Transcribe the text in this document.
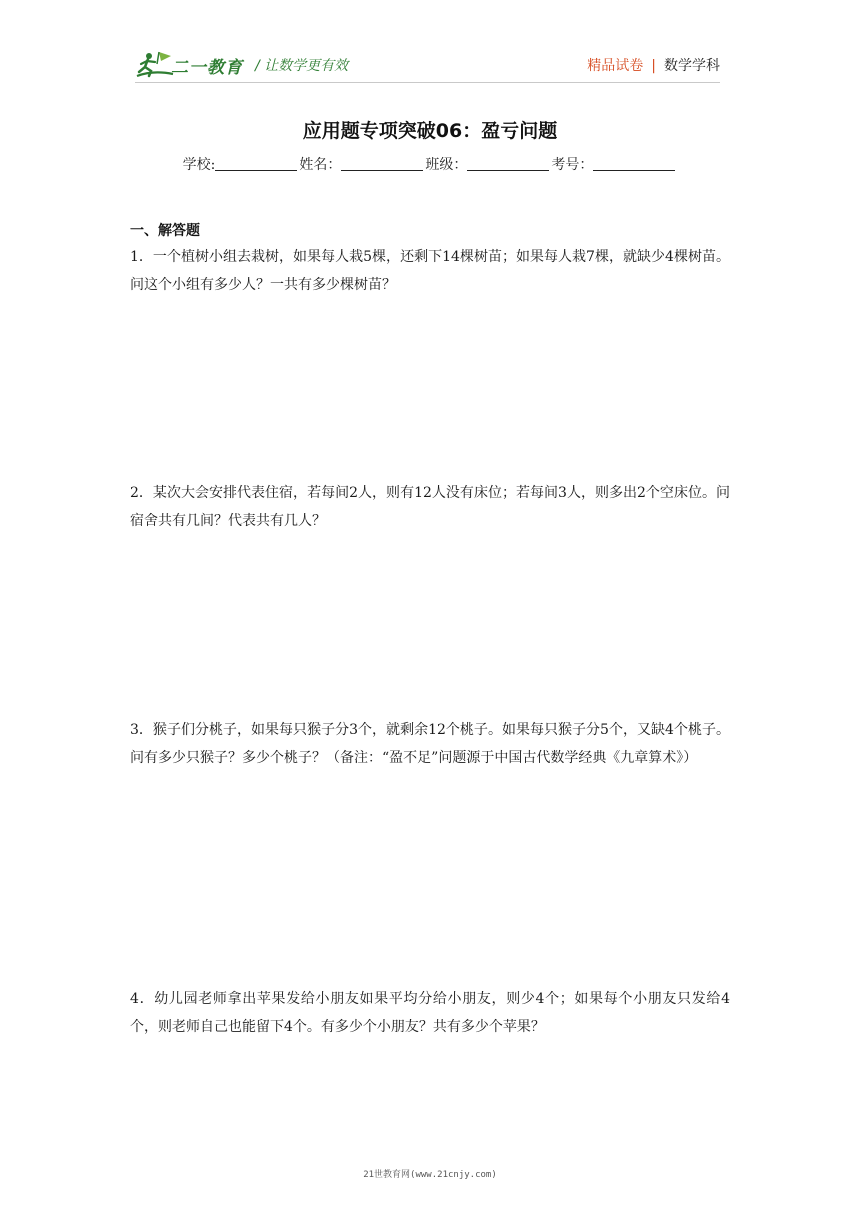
二一教育 / 让数学更有效	精品试卷 | 数学学科
应用题专项突破06：盈亏问题
学校:	姓名：	班级：	考号：
一、解答题
1．一个植树小组去栽树，如果每人栽5棵，还剩下14棵树苗；如果每人栽7棵，就缺少4棵树苗。问这个小组有多少人？一共有多少棵树苗？
2．某次大会安排代表住宿，若每间2人，则有12人没有床位；若每间3人，则多出2个空床位。问宿舍共有几间？代表共有几人？
3．猴子们分桃子，如果每只猴子分3个，就剩余12个桃子。如果每只猴子分5个，又缺4个桃子。问有多少只猴子？多少个桃子？（备注：“盈不足”问题源于中国古代数学经典《九章算术》）
4．幼儿园老师拿出苹果发给小朋友如果平均分给小朋友，则少4个；如果每个小朋友只发给4个，则老师自己也能留下4个。有多少个小朋友？共有多少个苹果？
21世教育网(www.21cnjy.com)
